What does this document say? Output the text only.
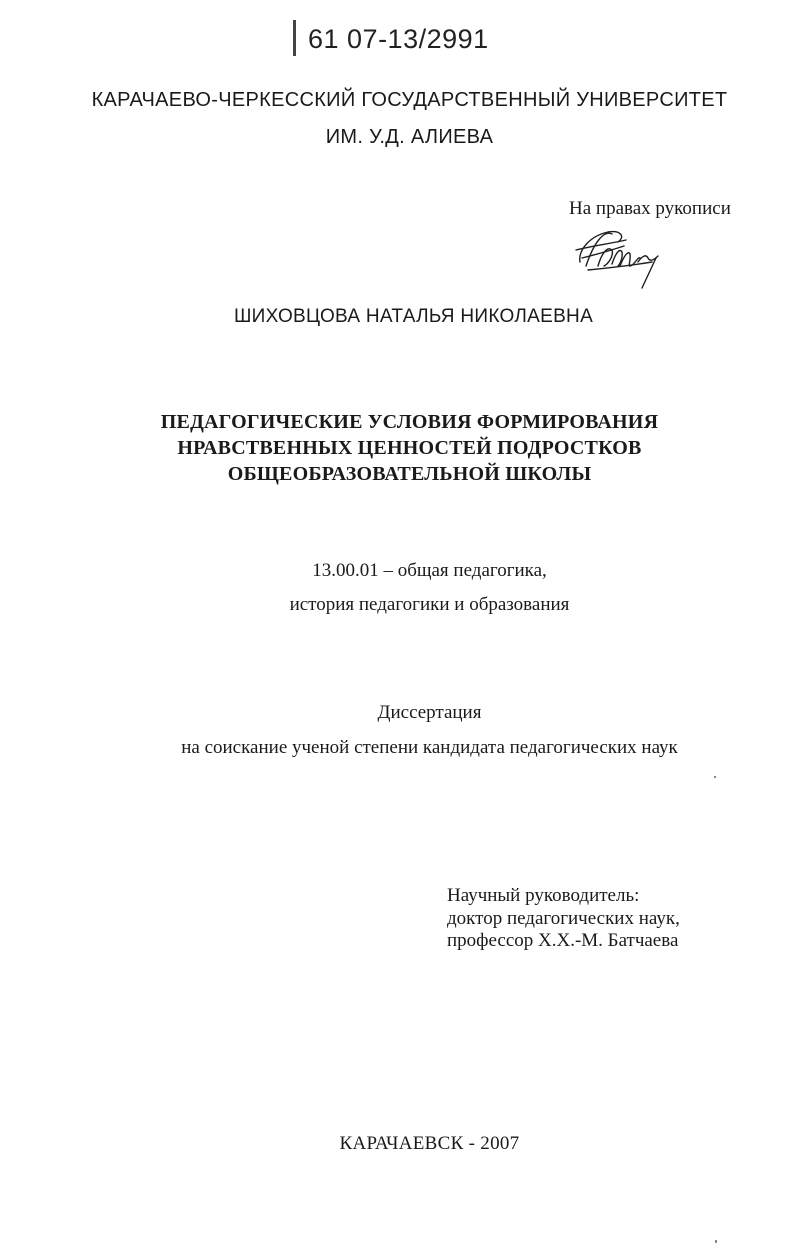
61 07-13/2991
КАРАЧАЕВО-ЧЕРКЕССКИЙ ГОСУДАРСТВЕННЫЙ УНИВЕРСИТЕТ
ИМ. У.Д. АЛИЕВА
На правах рукописи
ШИХОВЦОВА НАТАЛЬЯ НИКОЛАЕВНА
ПЕДАГОГИЧЕСКИЕ УСЛОВИЯ ФОРМИРОВАНИЯ
НРАВСТВЕННЫХ ЦЕННОСТЕЙ ПОДРОСТКОВ
ОБЩЕОБРАЗОВАТЕЛЬНОЙ ШКОЛЫ
13.00.01 – общая педагогика,
история педагогики и образования
Диссертация
на соискание ученой степени кандидата педагогических наук
Научный руководитель:
доктор педагогических наук,
профессор Х.Х.-М. Батчаева
КАРАЧАЕВСК - 2007
